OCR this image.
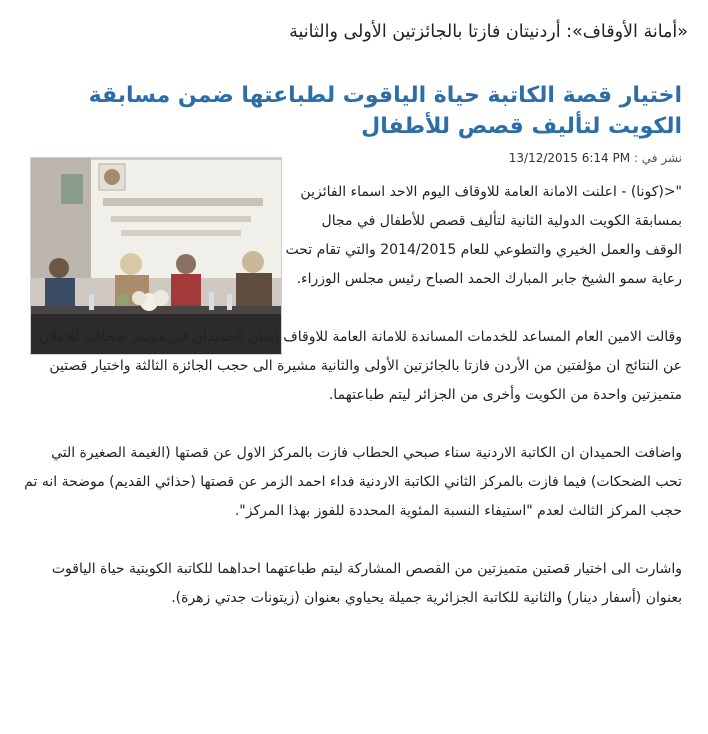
«أمانة الأوقاف»: أردنيتان فازتا بالجائزتين الأولى والثانية
اختيار قصة الكاتبة حياة الياقوت لطباعتها ضمن مسابقة الكويت لتأليف قصص للأطفال
نشر في : 13/12/2015 6:14 PM

"<(كونا) - اعلنت الامانة العامة للاوقاف اليوم الاحد اسماء الفائزين بمسابقة الكويت الدولية الثانية لتأليف قصص للأطفال في مجال الوقف والعمل الخيري والتطوعي للعام 2014/2015 والتي تقام تحت رعاية سمو الشيخ جابر المبارك الحمد الصباح رئيس مجلس الوزراء.

وقالت الامين العام المساعد للخدمات المساندة للامانة العامة للاوقاف ايمان الحميدان في مؤتمر صحافي للاعلان عن النتائج ان مؤلفتين من الأردن فازتا بالجائزتين الأولى والثانية مشيرة الى حجب الجائزة الثالثة واختيار قصتين متميزتين واحدة من الكويت وأخرى من الجزائر ليتم طباعتهما.

واضافت الحميدان ان الكاتبة الاردنية سناء صبحي الحطاب فازت بالمركز الاول عن قصتها (الغيمة الصغيرة التي تحب الضحكات) فيما فازت بالمركز الثاني الكاتبة الاردنية فداء احمد الزمر عن قصتها (حذائي القديم) موضحة انه تم حجب المركز الثالث لعدم "استيفاء النسبة المئوية المحددة للفوز بهذا المركز".

واشارت الى اختيار قصتين متميزتين من القصص المشاركة ليتم طباعتهما احداهما للكاتبة الكويتية حياة الياقوت بعنوان (أسفار دينار) والثانية للكاتبة الجزائرية جميلة يحياوي بعنوان (زيتونات جدتي زهرة).
